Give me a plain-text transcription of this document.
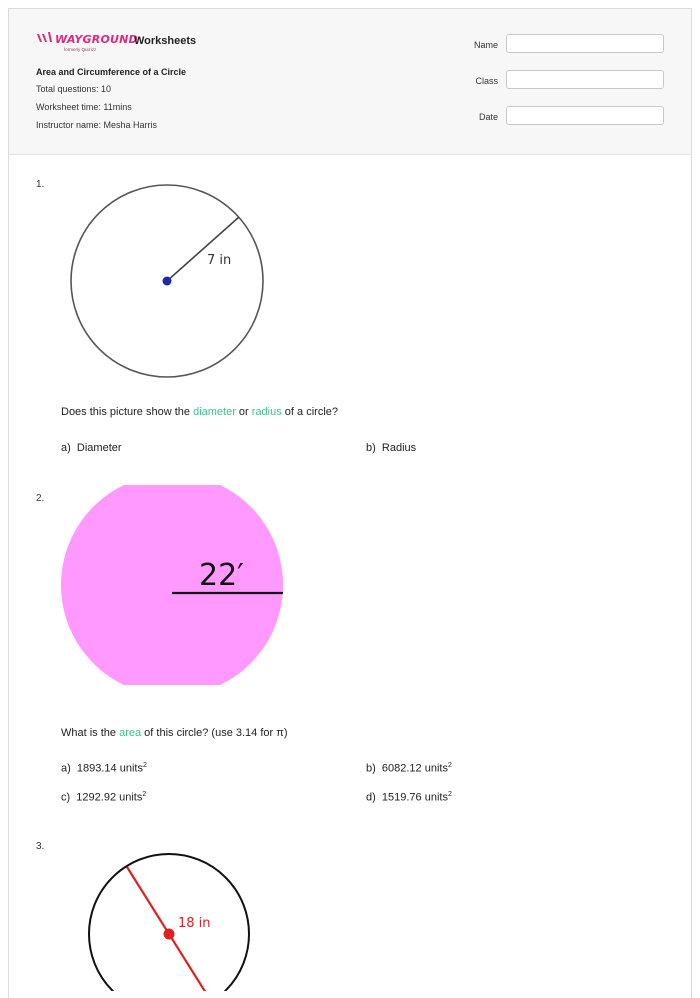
WAYGROUND
formerly Quizizz
Worksheets
Area and Circumference of a Circle
Total questions: 10
Worksheet time: 11mins
Instructor name: Mesha Harris
Name
Class
Date
1.
7 in
Does this picture show the diameter or radius of a circle?
a) Diameter	b) Radius
2.
22′
What is the area of this circle? (use 3.14 for π)
a) 1893.14 units$^2$	b) 6082.12 units$^2$
c) 1292.92 units$^2$	d) 1519.76 units$^2$
3.
18 in
